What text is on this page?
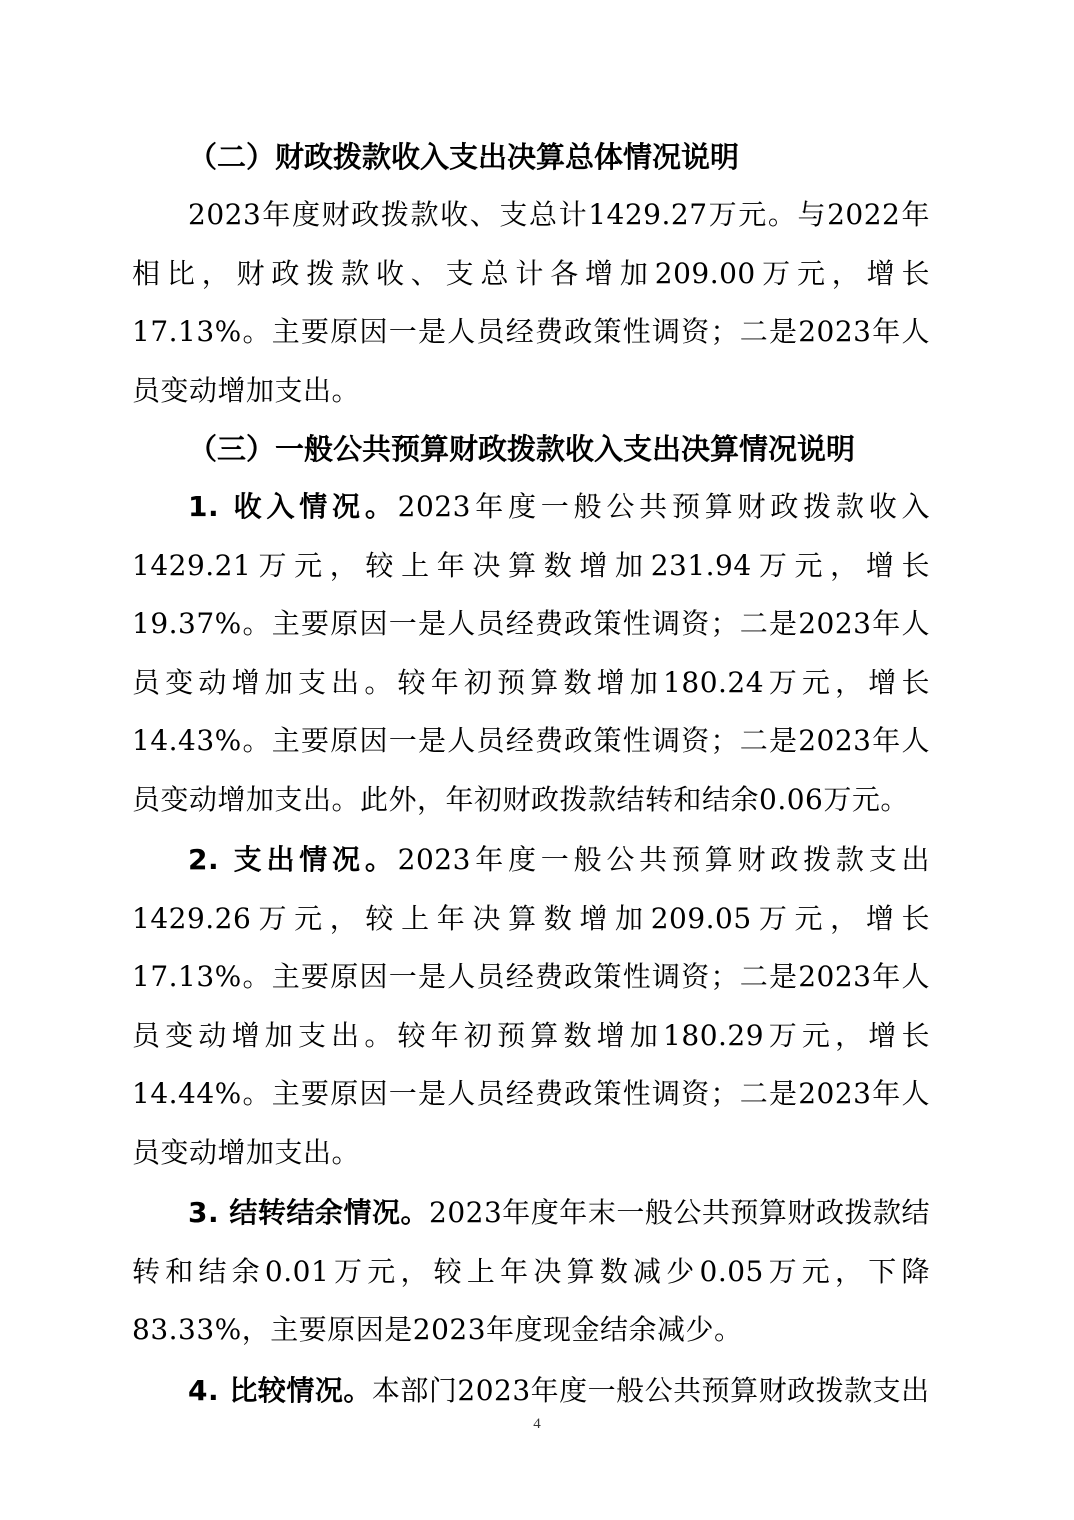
（二）财政拨款收入支出决算总体情况说明

2023年度财政拨款收、支总计1429.27万元。与2022年相比，财政拨款收、支总计各增加209.00万元，增长17.13%。主要原因一是人员经费政策性调资；二是2023年人员变动增加支出。

（三）一般公共预算财政拨款收入支出决算情况说明

1. 收入情况。2023年度一般公共预算财政拨款收入1429.21万元，较上年决算数增加231.94万元，增长19.37%。主要原因一是人员经费政策性调资；二是2023年人员变动增加支出。较年初预算数增加180.24万元，增长14.43%。主要原因一是人员经费政策性调资；二是2023年人员变动增加支出。此外，年初财政拨款结转和结余0.06万元。

2. 支出情况。2023年度一般公共预算财政拨款支出1429.26万元，较上年决算数增加209.05万元，增长17.13%。主要原因一是人员经费政策性调资；二是2023年人员变动增加支出。较年初预算数增加180.29万元，增长14.44%。主要原因一是人员经费政策性调资；二是2023年人员变动增加支出。

3. 结转结余情况。2023年度年末一般公共预算财政拨款结转和结余0.01万元，较上年决算数减少0.05万元，下降83.33%，主要原因是2023年度现金结余减少。

4. 比较情况。本部门2023年度一般公共预算财政拨款支出

4
